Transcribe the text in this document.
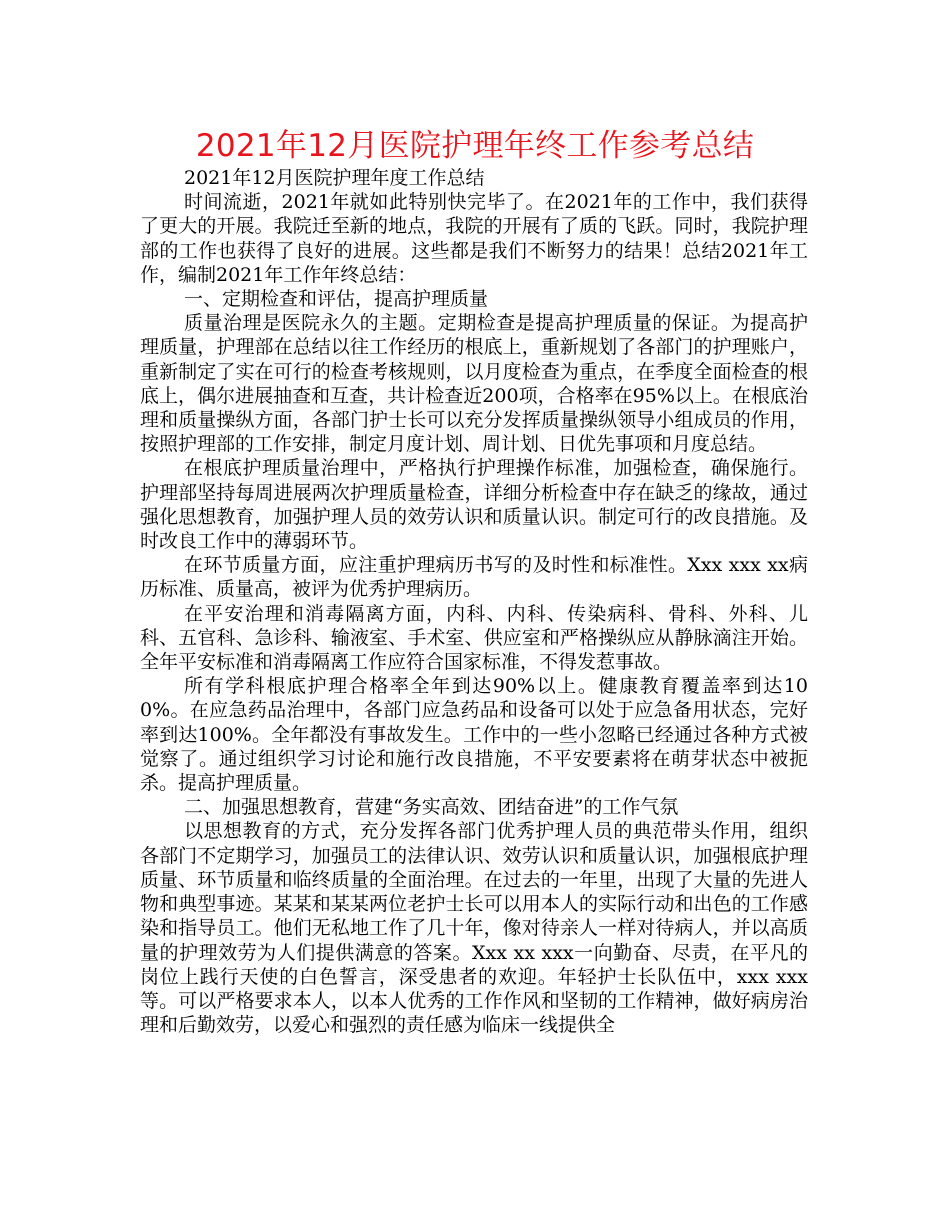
2021年12月医院护理年终工作参考总结

2021年12月医院护理年度工作总结

时间流逝，2021年就如此特别快完毕了。在2021年的工作中，我们获得了更大的开展。我院迁至新的地点，我院的开展有了质的飞跃。同时，我院护理部的工作也获得了良好的进展。这些都是我们不断努力的结果！总结2021年工作，编制2021年工作年终总结：

一、定期检查和评估，提高护理质量

质量治理是医院永久的主题。定期检查是提高护理质量的保证。为提高护理质量，护理部在总结以往工作经历的根底上，重新规划了各部门的护理账户，重新制定了实在可行的检查考核规则，以月度检查为重点，在季度全面检查的根底上，偶尔进展抽查和互查，共计检查近200项，合格率在95%以上。在根底治理和质量操纵方面，各部门护士长可以充分发挥质量操纵领导小组成员的作用，按照护理部的工作安排，制定月度计划、周计划、日优先事项和月度总结。

在根底护理质量治理中，严格执行护理操作标准，加强检查，确保施行。护理部坚持每周进展两次护理质量检查，详细分析检查中存在缺乏的缘故，通过强化思想教育，加强护理人员的效劳认识和质量认识。制定可行的改良措施。及时改良工作中的薄弱环节。

在环节质量方面，应注重护理病历书写的及时性和标准性。Xxx xxx xx病历标准、质量高，被评为优秀护理病历。

在平安治理和消毒隔离方面，内科、内科、传染病科、骨科、外科、儿科、五官科、急诊科、输液室、手术室、供应室和严格操纵应从静脉滴注开始。全年平安标准和消毒隔离工作应符合国家标准，不得发惹事故。

所有学科根底护理合格率全年到达90%以上。健康教育覆盖率到达100%。在应急药品治理中，各部门应急药品和设备可以处于应急备用状态，完好率到达100%。全年都没有事故发生。工作中的一些小忽略已经通过各种方式被觉察了。通过组织学习讨论和施行改良措施，不平安要素将在萌芽状态中被扼杀。提高护理质量。

二、加强思想教育，营建“务实高效、团结奋进”的工作气氛

以思想教育的方式，充分发挥各部门优秀护理人员的典范带头作用，组织各部门不定期学习，加强员工的法律认识、效劳认识和质量认识，加强根底护理质量、环节质量和临终质量的全面治理。在过去的一年里，出现了大量的先进人物和典型事迹。某某和某某两位老护士长可以用本人的实际行动和出色的工作感染和指导员工。他们无私地工作了几十年，像对待亲人一样对待病人，并以高质量的护理效劳为人们提供满意的答案。Xxx xx xxx一向勤奋、尽责，在平凡的岗位上践行天使的白色誓言，深受患者的欢迎。年轻护士长队伍中，xxx xxx等。可以严格要求本人，以本人优秀的工作作风和坚韧的工作精神，做好病房治理和后勤效劳，以爱心和强烈的责任感为临床一线提供全
